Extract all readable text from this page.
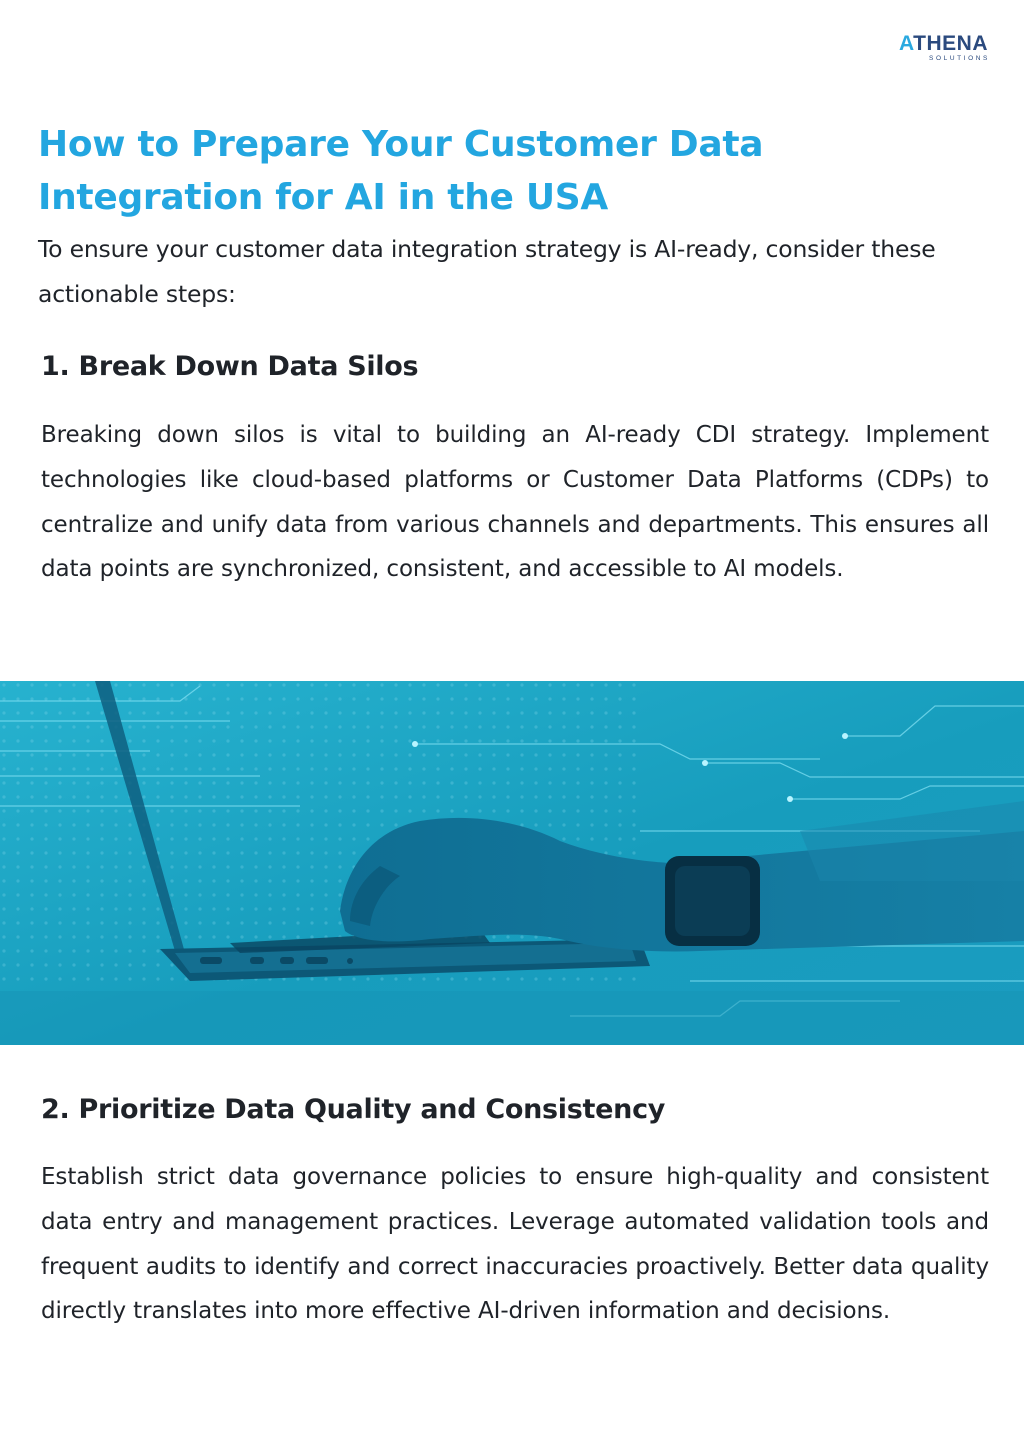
ATHENA
SOLUTIONS
How to Prepare Your Customer Data Integration for AI in the USA

To ensure your customer data integration strategy is AI-ready, consider these actionable steps:

1. Break Down Data Silos

Breaking down silos is vital to building an AI-ready CDI strategy. Implement technologies like cloud-based platforms or Customer Data Platforms (CDPs) to centralize and unify data from various channels and departments. This ensures all data points are synchronized, consistent, and accessible to AI models.

2. Prioritize Data Quality and Consistency

Establish strict data governance policies to ensure high-quality and consistent data entry and management practices. Leverage automated validation tools and frequent audits to identify and correct inaccuracies proactively. Better data quality directly translates into more effective AI-driven information and decisions.
